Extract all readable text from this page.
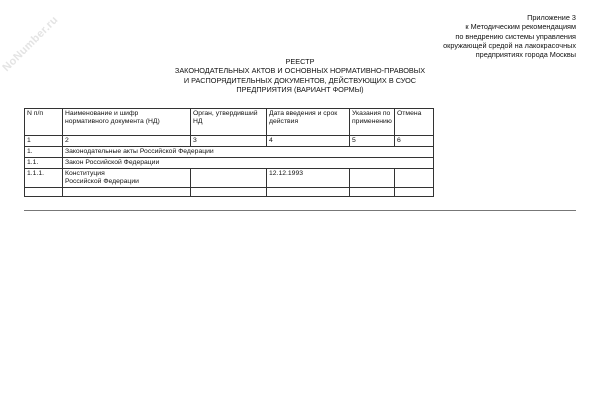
NoNumber.ru	Приложение 3
к Методическим рекомендациям
по внедрению системы управления
окружающей средой на лакокрасочных
предприятиях города Москвы
РЕЕСТР
ЗАКОНОДАТЕЛЬНЫХ АКТОВ И ОСНОВНЫХ НОРМАТИВНО-ПРАВОВЫХ
И РАСПОРЯДИТЕЛЬНЫХ ДОКУМЕНТОВ, ДЕЙСТВУЮЩИХ В СУОС
ПРЕДПРИЯТИЯ (ВАРИАНТ ФОРМЫ)
N п/п	Наименование и шифр нормативного документа (НД)	Орган, утвердивший НД	Дата введения и срок действия	Указания по применению	Отмена
1	2	3	4	5	6
1.	Законодательные акты Российской Федерации				
1.1.	Закон Российской Федерации				
1.1.1.	Конституция Российской Федерации		12.12.1993		
